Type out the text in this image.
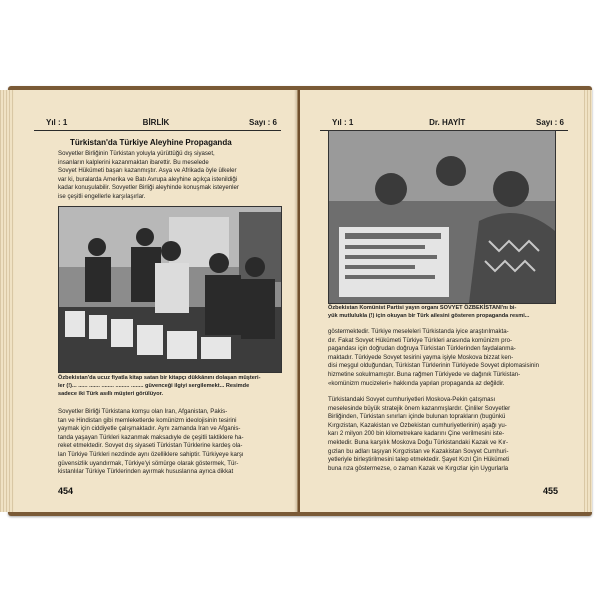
Yıl : 1	BİRLİK	Sayı : 6
Türkistan'da Türkiye Aleyhine Propaganda

Sovyetler Birliğinin Türkistan yoluyla yürüttüğü dış siyaset,

insanların kalplerini kazanmaktan ibarettir. Bu meselede

Sovyet Hükümeti başarı kazanmıştır. Asya ve Afrikada öyle ülkeler

var ki, buralarda Amerika ve Batı Avrupa aleyhine açıkça istenildiği

kadar konuşulabilir. Sovyetler Birliği aleyhinde konuşmak isteyenler

ise çeşitli engellerle karşılaşırlar.

Özbekistan'da ucuz fiyatla kitap satan bir kitapçı dükkânını dolaşan müşteri-

ler (!)... ...... ....... ........ ......... ........ güvenceği ilgiyi sergilemekt... Resimde

sadece iki Türk asıllı müşteri görülüyor.

Sovyetler Birliği Türkistana komşu olan İran, Afganistan, Pakis-

tan ve Hindistan gibi memleketlerde komünizm ideolojisinin tesirini

yaymak için ciddiyetle çalışmaktadır. Aynı zamanda İran ve Afganis-

tanda yaşayan Türkleri kazanmak maksadıyle de çeşitli taktiklere ha-

reket etmektedir. Sovyet dış siyaseti Türkistan Türklerine kardeş ola-

lan Türkiye Türkleri nezdinde aynı özelliklere sahiptir. Türkiyeye karşı

güvensizlik uyandırmak, Türkiye'yi sömürge olarak göstermek, Tür-

kistanlılar Türkiye Türklerinden ayırmak hususlarına ayrıca dikkat

454
Yıl : 1	Dr. HAYİT	Sayı : 6

Özbekistan Komünist Partisi yayın organı SOVYET ÖZBEKİSTANI'nı bi-

yük mutlulukla (!) için okuyan bir Türk ailesini gösteren propaganda resmi...

göstermektedir. Türkiye meseleleri Türkistanda iyice araştırılmakta-

dır. Fakat Sovyet Hükümeti Türkiye Türkleri arasında komünizm pro-

pagandası için doğrudan doğruya Türkistan Türklerinden faydalanma-

maktadır. Türkiyede Sovyet tesirini yayma işiyle Moskova bizzat ken-

disi meşgul olduğundan, Türkistan Türklerinin Türkiyede Sovyet diplomasisinin

hizmetine sokulmamıştır. Buna rağmen Türkiyede ve dağınık Türkistan-

«komünizm mucizeleri» hakkında yapılan propaganda az değildir.

Türkistandaki Sovyet cumhuriyetleri Moskova-Pekin çatışması

meselesinde büyük stratejik önem kazanmışlardır. Çinliler Sovyetler

Birliğinden, Türkistan sınırları içinde bulunan toprakların (bugünkü

Kırgızistan, Kazakistan ve Özbekistan cumhuriyetlerinin) aşağı yu-

karı 2 milyon 200 bin kilometrekare kadarını Çine verilmesini iste-

mektedir. Buna karşılık Moskova Doğu Türkistandaki Kazak ve Kır-

gızları bu adları taşıyan Kırgızistan ve Kazakistan Sovyet Cumhuri-

yetleriyle birleştirilmesini talep etmektedir. Şayet Kızıl Çin Hükümeti

buna rıza göstermezse, o zaman Kazak ve Kırgızlar için Uygurlarla

455
